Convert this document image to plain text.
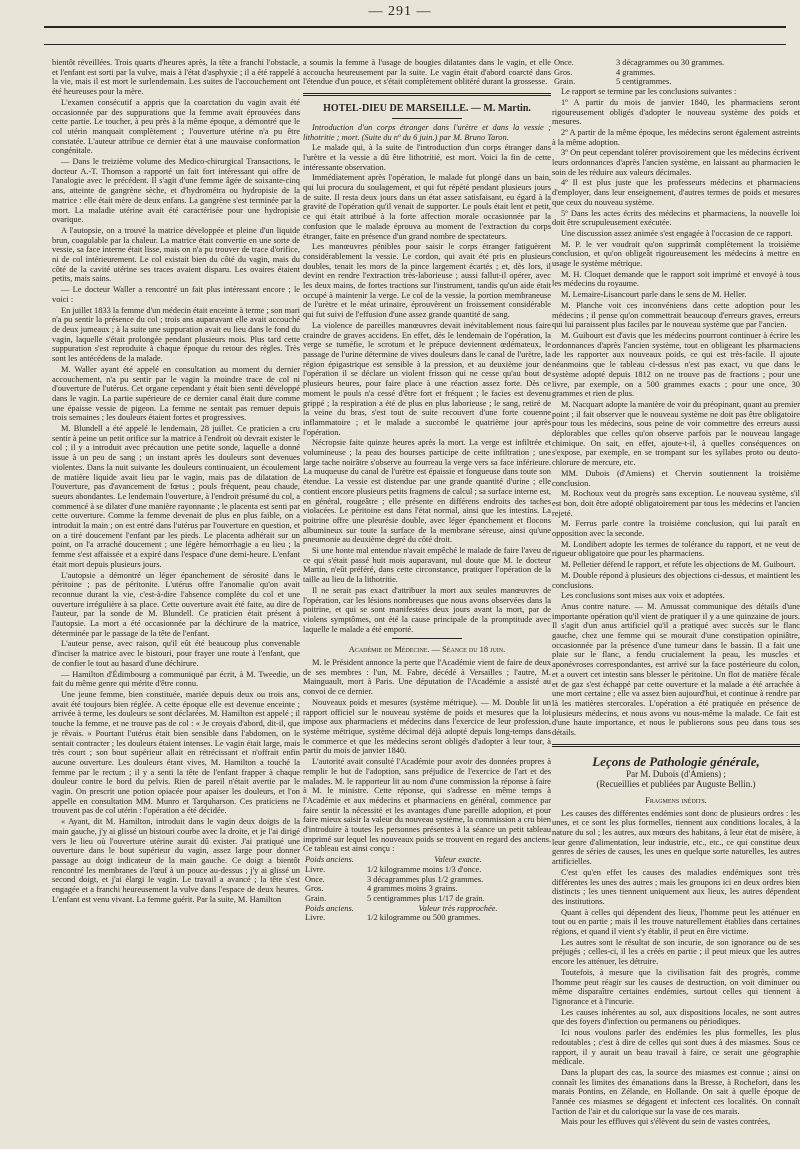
— 291 —

bientôt réveillées. Trois quarts d'heures après, la tête a franchi l'obstacle, et l'enfant est sorti par la vulve, mais à l'état d'asphyxie ; il a été rappelé à la vie, mais il est mort le surlendemain. Les suites de l'accouchement ont été heureuses pour la mère.

L'examen consécutif a appris que la coarctation du vagin avait été occasionnée par des suppurations que la femme avait éprouvées dans cette partie. Le toucher, à peu près à la même époque, a démontré que le col utérin manquait complètement ; l'ouverture utérine n'a pu être constatée. L'auteur attribue ce dernier état à une mauvaise conformation congénitale.

— Dans le treizième volume des Medico-chirurgical Transactions, le docteur A.-T. Thomson a rapporté un fait fort intéressant qui offre de l'analogie avec le précédent. Il s'agit d'une femme âgée de soixante-cinq ans, atteinte de gangrène sèche, et d'hydrométra ou hydropisie de la matrice : elle était mère de deux enfans. La gangrène s'est terminée par la mort. La maladie utérine avait été caractérisée pour une hydropisie ovarique.

A l'autopsie, on a trouvé la matrice développée et pleine d'un liquide brun, coagulable par la chaleur. La matrice était convertie en une sorte de vessie, sa face interne était lisse, mais on n'a pu trouver de trace d'orifice, ni de col intérieurement. Le col existait bien du côté du vagin, mais du côté de la cavité utérine ses traces avaient disparu. Les ovaires étaient petits, mais sains.

— Le docteur Waller a rencontré un fait plus intéressant encore ; le voici :

En juillet 1833 la femme d'un médecin était enceinte à terme ; son mari n'a pu sentir la présence du col ; trois ans auparavant elle avait accouché de deux jumeaux ; à la suite une suppuration avait eu lieu dans le fond du vagin, laquelle s'était prolongée pendant plusieurs mois. Plus tard cette suppuration s'est reproduite à chaque époque du retour des règles. Très sont les antécédens de la malade.

M. Waller ayant été appelé en consultation au moment du dernier accouchement, n'a pu sentir par le vagin la moindre trace de col ni d'ouverture de l'utérus. Cet organe cependant y était bien senti développé dans le vagin. La partie supérieure de ce dernier canal était dure comme une épaisse vessie de pigeon. La femme ne sentait pas remuer depuis trois semaines ; les douleurs étaient fortes et progressives.

M. Blundell a été appelé le lendemain, 28 juillet. Ce praticien a cru sentir à peine un petit orifice sur la matrice à l'endroit où devrait exister le col ; il y a introduit avec précaution une petite sonde, laquelle a donné issue à un peu de sang ; un instant après les douleurs sont devenues violentes. Dans la nuit suivante les douleurs continuaient, un écoulement de matière liquide avait lieu par le vagin, mais pas de dilatation de l'ouverture, pas d'avancement de fœtus ; pouls fréquent, peau chaude, sueurs abondantes. Le lendemain l'ouverture, à l'endroit présumé du col, a commencé à se dilater d'une manière rayonnante ; le placenta est senti par cette ouverture. Comme la femme devenait de plus en plus faible, on a introduit la main ; on est entré dans l'utérus par l'ouverture en question, et on a tiré doucement l'enfant par les pieds. Le placenta adhérait sur un point, on l'a arraché doucement ; une légère hémorrhagie a eu lieu ; la femme s'est affaissée et a expiré dans l'espace d'une demi-heure. L'enfant était mort depuis plusieurs jours.

L'autopsie a démontré un léger épanchement de sérosité dans le péritoine ; pas de péritonite. L'utérus offre l'anomalie qu'on avait reconnue durant la vie, c'est-à-dire l'absence complète du col et une ouverture irrégulière à sa place. Cette ouverture avait été faite, au dire de l'auteur, par la sonde de M. Blundell. Ce praticien était présent à l'autopsie. La mort a été occasionnée par la déchirure de la matrice, déterminée par le passage de la tête de l'enfant.

L'auteur pense, avec raison, qu'il eût été beaucoup plus convenable d'inciser la matrice avec le bistouri, pour frayer une route à l'enfant, que de confier le tout au hasard d'une déchirure.

— Hamilton d'Édimbourg a communiqué par écrit, à M. Tweedie, un fait du même genre qui mérite d'être connu.

Une jeune femme, bien constituée, mariée depuis deux ou trois ans, avait été toujours bien réglée. A cette époque elle est devenue enceinte ; arrivée à terme, les douleurs se sont déclarées. M. Hamilton est appelé ; il touche la femme, et ne trouve pas de col : « Je croyais d'abord, dit-il, que je rêvais. » Pourtant l'utérus était bien sensible dans l'abdomen, on le sentait contracter ; les douleurs étaient intenses. Le vagin était large, mais très court ; son bout supérieur allait en rétrécissant et n'offrait enfin aucune ouverture. Les douleurs étant vives, M. Hamilton a touché la femme par le rectum ; il y a senti la tête de l'enfant frapper à chaque douleur contre le bord du pelvis. Rien de pareil n'était avertie par le vagin. On prescrit une potion opiacée pour apaiser les douleurs, et l'on appelle en consultation MM. Munro et Tarquharson. Ces praticiens ne trouvent pas de col utérin : l'opération a été décidée.

« Ayant, dit M. Hamilton, introduit dans le vagin deux doigts de la main gauche, j'y ai glissé un bistouri courbe avec la droite, et je l'ai dirigé vers le lieu où l'ouverture utérine aurait dû exister. J'ai pratiqué une ouverture dans le bout supérieur du vagin, assez large pour donner passage au doigt indicateur de la main gauche. Ce doigt a bientôt rencontré les membranes de l'œuf à un pouce au-dessus ; j'y ai glissé un second doigt, et j'ai élargi le vagin. Le travail a avancé ; la tête s'est engagée et a franchi heureusement la vulve dans l'espace de deux heures. L'enfant est venu vivant. La femme guérit. Par la suite, M. Hamilton

a soumis la femme à l'usage de bougies dilatantes dans le vagin, et elle accoucha heureusement par la suite. Le vagin était d'abord coarcté dans l'étendue d'un pouce, et s'était complètement oblitéré durant la grossesse.

HOTEL-DIEU DE MARSEILLE. — M. Martin.

Introduction d'un corps étranger dans l'urètre et dans la vessie ; lithotritie ; mort. (Suite du nº du 6 juin.) par M. Bruno Taron.

Le malade qui, à la suite de l'introduction d'un corps étranger dans l'urètre et la vessie a dû être lithotritié, est mort. Voici la fin de cette intéressante observation.

Immédiatement après l'opération, le malade fut plongé dans un bain, qui lui procura du soulagement, et qui fut répété pendant plusieurs jours de suite. Il resta deux jours dans un état assez satisfaisant, eu égard à la gravité de l'opération qu'il venait de supporter. Le pouls était lent et petit, ce qui était attribué à la forte affection morale occasionnée par la confusion que le malade éprouva au moment de l'extraction du corps étranger, faite en présence d'un grand nombre de spectateurs.

Les manœuvres pénibles pour saisir le corps étranger fatiguèrent considérablement la vessie. Le cordon, qui avait été pris en plusieurs doubles, tenait les mors de la pince largement écartés ; et, dès lors, il devint en rendre l'extraction très-laborieuse ; aussi fallut-il opérer, avec les deux mains, de fortes tractions sur l'instrument, tandis qu'un aide était occupé à maintenir la verge. Le col de la vessie, la portion membraneuse de l'urètre et le méat urinaire, éprouvèrent un froissement considérable qui fut suivi de l'effusion d'une assez grande quantité de sang.

La violence de pareilles manœuvres devait inévitablement nous faire craindre de graves accidens. En effet, dès le lendemain de l'opération, la verge se tuméfie, le scrotum et le prépuce deviennent œdémateux, le passage de l'urine détermine de vives douleurs dans le canal de l'urètre, la région épigastrique est sensible à la pression, et au deuxième jour de l'opération il se déclare un violent frisson qui ne cesse qu'au bout de plusieurs heures, pour faire place à une réaction assez forte. Dès ce moment le pouls n'a cessé d'être fort et fréquent ; le facies est devenu grippé ; la respiration a été de plus en plus laborieuse ; le sang, retiré de la veine du bras, s'est tout de suite recouvert d'une forte couenne inflammatoire ; et le malade a succombé le quatrième jour après l'opération.

Nécropsie faite quinze heures après la mort. La verge est infiltrée et volumineuse ; la peau des bourses participe de cette infiltration ; une large tache noirâtre s'observe au fourreau la verge vers sa face inférieure. La muqueuse du canal de l'urètre est épaissie et fongueuse dans toute son étendue. La vessie est distendue par une grande quantité d'urine ; elle contient encore plusieurs petits fragmens de calcul ; sa surface interne est, en général, rougeâtre ; elle présente en différens endroits des taches violacées. Le péritoine est dans l'état normal, ainsi que les intestins. La poitrine offre une pleurésie double, avec léger épanchement et flocons albumineux sur toute la surface de la membrane séreuse, ainsi qu'une pneumonie au deuxième degré du côté droit.

Si une honte mal entendue n'avait empêché le malade de faire l'aveu de ce qui s'était passé huit mois auparavant, nul doute que M. le docteur Martin, n'eût préféré, dans cette circonstance, pratiquer l'opération de la taille au lieu de la lithotritie.

Il ne serait pas exact d'attribuer la mort aux seules manœuvres de l'opération, car les lésions nombreuses que nous avons observées dans la poitrine, et qui se sont manifestées deux jours avant la mort, par de violens symptômes, ont été la cause principale de la promptitude avec laquelle le malade a été emporté.

Académie de Médecine. — Séance du 18 juin.

M. le Président annonce la perte que l'Académie vient de faire de deux de ses membres : l'un, M. Fabre, décédé à Versailles ; l'autre, M. Mainguault, mort à Paris. Une députation de l'Académie a assisté au convoi de ce dernier.

Nouveaux poids et mesures (système métrique). — M. Double lit un rapport officiel sur le nouveau système de poids et mesures que la loi impose aux pharmaciens et médecins dans l'exercice de leur profession, système métrique, système décimal déjà adopté depuis long-temps dans le commerce et que les médecins seront obligés d'adopter à leur tour, à partir du mois de janvier 1840.

L'autorité avait consulté l'Académie pour avoir des données propres à remplir le but de l'adoption, sans préjudice de l'exercice de l'art et des malades. M. le rapporteur lit au nom d'une commission la réponse à faire à M. le ministre. Cette réponse, qui s'adresse en même temps à l'Académie et aux médecins et pharmaciens en général, commence par faire sentir la nécessité et les avantages d'une pareille adoption, et pour faire mieux saisir la valeur du nouveau système, la commission a cru bien d'introduire à toutes les personnes présentes à la séance un petit tableau imprimé sur lequel les nouveaux poids se trouvent en regard des anciens. Ce tableau est ainsi conçu :

Poids anciens.	Valeur exacte.
Livre.	1/2 kilogramme moins 1/3 d'once.
Once.	3 décagrammes plus 1/2 grammes.
Gros.	4 grammes moins 3 grains.
Grain.	5 centigrammes plus 1/17 de grain.
Poids anciens.	Valeur très rapprochée.
Livre.	1/2 kilogramme ou 500 grammes.
Once.	3 décagrammes ou 30 grammes.
Gros.	4 grammes.
Grain.	5 centigrammes.

Le rapport se termine par les conclusions suivantes :

1º A partir du mois de janvier 1840, les pharmaciens seront rigoureusement obligés d'adopter le nouveau système des poids et mesures.

2º A partir de la même époque, les médecins seront également astreints à la même adoption.

3º On peut cependant tolérer provisoirement que les médecins écrivent leurs ordonnances d'après l'ancien système, en laissant au pharmacien le soin de les réduire aux valeurs décimales.

4º Il est plus juste que les professeurs médecins et pharmaciens d'employer, dans leur enseignement, d'autres termes de poids et mesures que ceux du nouveau système.

5º Dans les actes écrits des médecins et pharmaciens, la nouvelle loi doit être scrupuleusement exécutée.

Une discussion assez animée s'est engagée à l'occasion de ce rapport.

M. P. le ver voudrait qu'on supprimât complètement la troisième conclusion, et qu'on obligeât rigoureusement les médecins à mettre en usage le système métrique.

M. H. Cloquet demande que le rapport soit imprimé et envoyé à tous les médecins du royaume.

M. Lemaire-Lisancourt parle dans le sens de M. Heller.

M. Planche voit ces inconvéniens dans cette adoption pour les médecins ; il pense qu'on commettrait beaucoup d'erreurs graves, erreurs qui lui paraissent plus faciles par le nouveau système que par l'ancien.

M. Guibourt est d'avis que les médecins pourront continuer à écrire les ordonnances d'après l'ancien système, tout en obligeant les pharmaciens de les rapporter aux nouveaux poids, ce qui est très-facile. Il ajoute néanmoins que le tableau ci-dessus n'est pas exact, vu que dans le système adopté depuis 1812 on ne trouve pas de fractions ; pour une livre, par exemple, on a 500 grammes exacts ; pour une once, 30 grammes et rien de plus.

M. Nacquart adopte la manière de voir du préopinant, quant au premier point ; il fait observer que le nouveau système ne doit pas être obligatoire pour tous les médecins, sous peine de voir commettre des erreurs aussi déplorables que celles qu'on observe parfois par le nouveau langage chimique. On sait, en effet, ajoute-t-il, à quelles conséquences on s'expose, par exemple, en se trompant sur les syllabes proto ou deuto-chlorure de mercure, etc.

MM. Dubois (d'Amiens) et Chervin soutiennent la troisième conclusion.

M. Rochoux veut du progrès sans exception. Le nouveau système, s'il est bon, doit être adopté obligatoirement par tous les médecins et l'ancien rejeté.

M. Ferrus parle contre la troisième conclusion, qui lui paraît en opposition avec la seconde.

M. Londibert adopte les termes de tolérance du rapport, et ne veut de rigueur obligatoire que pour les pharmaciens.

M. Pelletier défend le rapport, et réfute les objections de M. Guibourt.

M. Double répond à plusieurs des objections ci-dessus, et maintient les conclusions.

Les conclusions sont mises aux voix et adoptées.

Anus contre nature. — M. Amussat communique des détails d'une importante opération qu'il vient de pratiquer il y a une quinzaine de jours. Il s'agit d'un anus artificiel qu'il a pratiqué avec succès sur le flanc gauche, chez une femme qui se mourait d'une constipation opiniâtre, occasionnée par la présence d'une tumeur dans le bassin. Il a fait une plaie sur le flanc, a fendu crucialement la peau, les muscles et aponévroses correspondantes, est arrivé sur la face postérieure du colon, et a ouvert cet intestin sans blesser le péritoine. Un flot de matière fécale et de gaz s'est échappé par cette ouverture et la malade a été arrachée à une mort certaine ; elle va assez bien aujourd'hui, et continue à rendre par là les matières stercorales. L'opération a été pratiquée en présence de plusieurs médecins, et nous avons vu nous-même la malade. Ce fait est d'une haute importance, et nous le publierons sous peu dans tous ses détails.

Leçons de Pathologie générale,
Par M. Dubois (d'Amiens) ;
(Recueillies et publiées par Auguste Bellin.)
Fragmens inédits.

Les causes des différentes endémies sont donc de plusieurs ordres : les unes, et ce sont les plus formelles, tiennent aux conditions locales, à la nature du sol ; les autres, aux mœurs des habitans, à leur état de misère, à leur genre d'alimentation, leur industrie, etc., etc., ce qui constitue deux genres de séries de causes, les unes en quelque sorte naturelles, les autres artificielles.

C'est qu'en effet les causes des maladies endémiques sont très différentes les unes des autres ; mais les groupons ici en deux ordres bien distincts ; les unes tiennent uniquement aux lieux, les autres dépendent des institutions.

Quant à celles qui dépendent des lieux, l'homme peut les atténuer en tout ou en partie ; mais il les trouve naturellement établies dans certaines régions, et quand il vient s'y établir, il peut en être victime.

Les autres sont le résultat de son incurie, de son ignorance ou de ses préjugés ; celles-ci, il les a créés en partie ; il peut mieux que les autres encore les atténuer, les détruire.

Toutefois, à mesure que la civilisation fait des progrès, comme l'homme peut réagir sur les causes de destruction, on voit diminuer ou même disparaître certaines endémies, surtout celles qui tiennent à l'ignorance et à l'incurie.

Les causes inhérentes au sol, aux dispositions locales, ne sont autres que des foyers d'infection ou permanens ou périodiques.

Ici nous voulons parler des endémies les plus formelles, les plus redoutables ; c'est à dire de celles qui sont dues à des miasmes. Sous ce rapport, il y aurait un beau travail à faire, ce serait une géographie médicale.

Dans la plupart des cas, la source des miasmes est connue ; ainsi on connaît les limites des émanations dans la Bresse, à Rochefort, dans les marais Pontins, en Zélande, en Hollande. On sait à quelle époque de l'année ces miasmes se dégagent et infectent ces localités. On connaît l'action de l'air et du calorique sur la vase de ces marais.

Mais pour les effluves qui s'élèvent du sein de vastes contrées,
